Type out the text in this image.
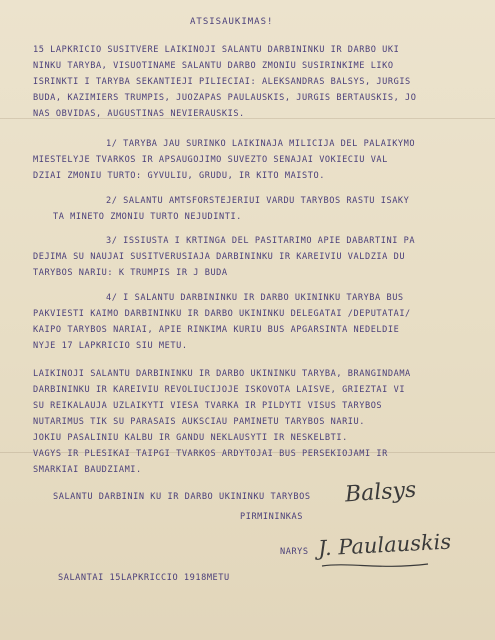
ATSISAUKIMAS!
15 LAPKRICIO SUSITVERE LAIKINOJI SALANTU DARBININKU IR DARBO UKI
NINKU TARYBA, VISUOTINAME SALANTU DARBO ZMONIU SUSIRINKIME LIKO
ISRINKTI I TARYBA SEKANTIEJI PILIECIAI: ALEKSANDRAS BALSYS, JURGIS
BUDA, KAZIMIERS TRUMPIS, JUOZAPAS PAULAUSKIS, JURGIS BERTAUSKIS, JO
NAS OBVIDAS, AUGUSTINAS NEVIERAUSKIS.
1/ TARYBA JAU SURINKO LAIKINAJA MILICIJA DEL PALAIKYMO
MIESTELYJE TVARKOS IR APSAUGOJIMO SUVEZTO SENAJAI VOKIECIU VAL
DZIAI ZMONIU TURTO: GYVULIU, GRUDU, IR KITO MAISTO.
2/ SALANTU AMTSFORSTEJERIUI VARDU TARYBOS RASTU ISAKY
TA MINETO ZMONIU TURTO NEJUDINTI.
3/ ISSIUSTA I KRTINGA DEL PASITARIMO APIE DABARTINI PA
DEJIMA SU NAUJAI SUSITVERUSIAJA DARBININKU IR KAREIVIU VALDZIA DU
TARYBOS NARIU: K TRUMPIS IR J BUDA
4/ I SALANTU DARBININKU IR DARBO UKININKU TARYBA BUS
PAKVIESTI KAIMO DARBININKU IR DARBO UKININKU DELEGATAI /DEPUTATAI/
KAIPO TARYBOS NARIAI, APIE RINKIMA KURIU BUS APGARSINTA NEDELDIE
NYJE 17 LAPKRICIO SIU METU.
LAIKINOJI SALANTU DARBININKU IR DARBO UKININKU TARYBA, BRANGINDAMA
DARBININKU IR KAREIVIU REVOLIUCIJOJE ISKOVOTA LAISVE, GRIEZTAI VI
SU REIKALAUJA UZLAIKYTI VIESA TVARKA IR PILDYTI VISUS TARYBOS
NUTARIMUS TIK SU PARASAIS AUKSCIAU PAMINETU TARYBOS NARIU.
JOKIU PASALINIU KALBU IR GANDU NEKLAUSYTI IR NESKELBTI.
VAGYS IR PLESIKAI TAIPGI TVARKOS ARDYTOJAI BUS PERSEKIOJAMI IR
SMARKIAI BAUDZIAMI.
SALANTU DARBININ KU IR DARBO UKININKU TARYBOS
PIRMININKAS
Balsys
NARYS J. Paulauskis
SALANTAI 15LAPKRICCIO 1918METU
